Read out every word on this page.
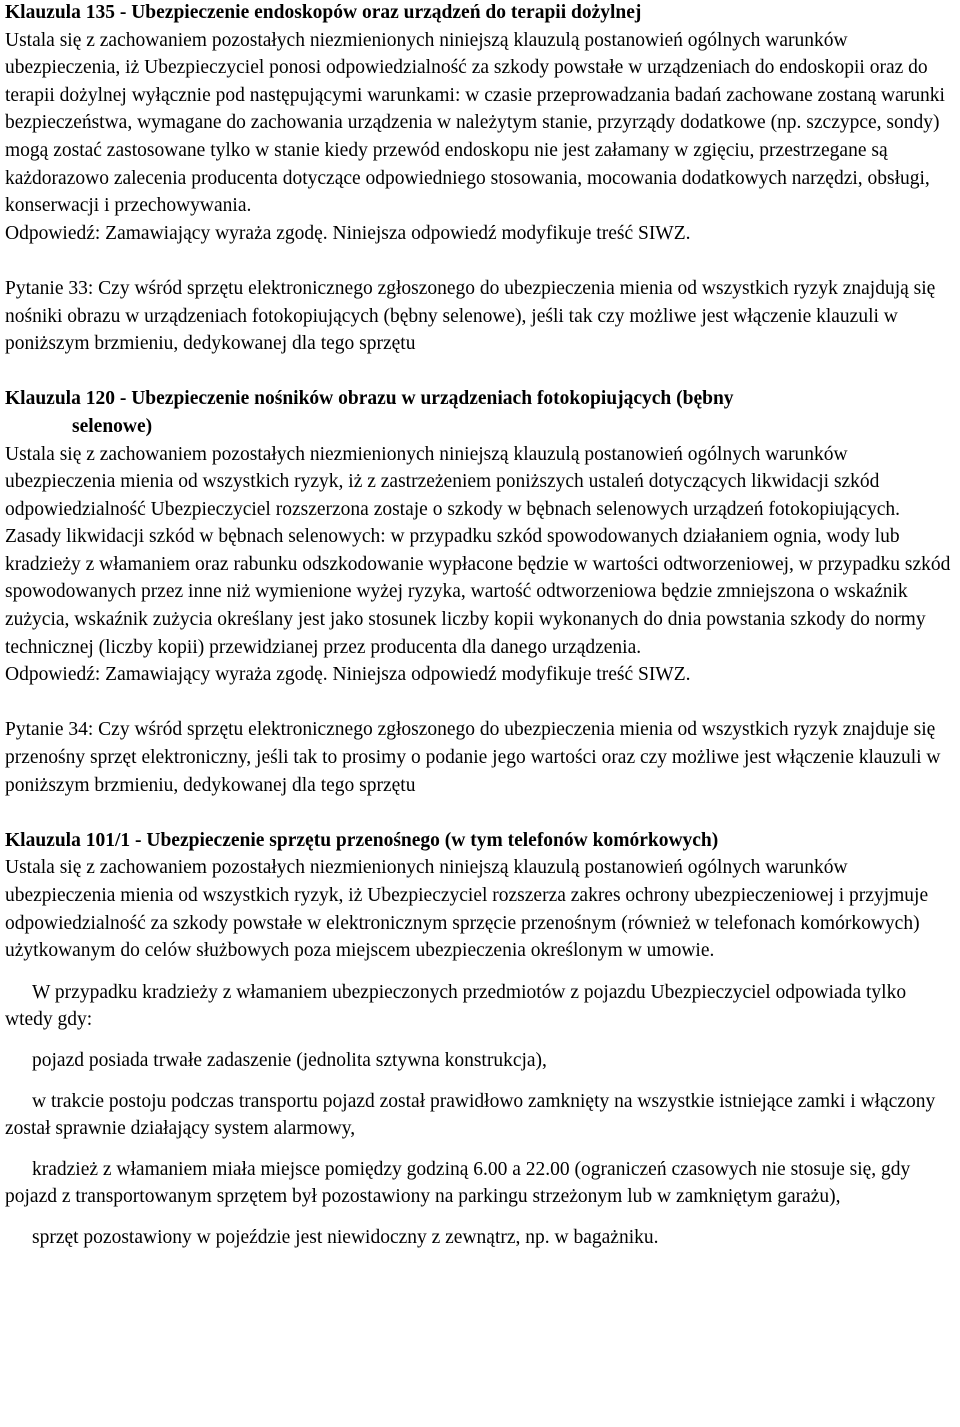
Klauzula 135 - Ubezpieczenie endoskopów oraz urządzeń do terapii dożylnej

Ustala się z zachowaniem pozostałych niezmienionych niniejszą klauzulą postanowień ogólnych warunków ubezpieczenia, iż Ubezpieczyciel ponosi odpowiedzialność za szkody powstałe w urządzeniach do endoskopii oraz do terapii dożylnej wyłącznie pod następującymi warunkami: w czasie przeprowadzania badań zachowane zostaną warunki bezpieczeństwa, wymagane do zachowania urządzenia w należytym stanie, przyrządy dodatkowe (np. szczypce, sondy) mogą zostać zastosowane tylko w stanie kiedy przewód endoskopu nie jest załamany w zgięciu, przestrzegane są każdorazowo zalecenia producenta dotyczące odpowiedniego stosowania, mocowania dodatkowych narzędzi, obsługi, konserwacji i przechowywania.

Odpowiedź: Zamawiający wyraża zgodę. Niniejsza odpowiedź modyfikuje treść SIWZ.

Pytanie 33: Czy wśród sprzętu elektronicznego zgłoszonego do ubezpieczenia mienia od wszystkich ryzyk znajdują się nośniki obrazu w urządzeniach fotokopiujących (bębny selenowe), jeśli tak czy możliwe jest włączenie klauzuli w poniższym brzmieniu, dedykowanej dla tego sprzętu

Klauzula 120 - Ubezpieczenie nośników obrazu w urządzeniach fotokopiujących (bębny
selenowe)

Ustala się z zachowaniem pozostałych niezmienionych niniejszą klauzulą postanowień ogólnych warunków ubezpieczenia mienia od wszystkich ryzyk, iż z zastrzeżeniem poniższych ustaleń dotyczących likwidacji szkód odpowiedzialność Ubezpieczyciel rozszerzona zostaje o szkody w bębnach selenowych urządzeń fotokopiujących. Zasady likwidacji szkód w bębnach selenowych: w przypadku szkód spowodowanych działaniem ognia, wody lub kradzieży z włamaniem oraz rabunku odszkodowanie wypłacone będzie w wartości odtworzeniowej, w przypadku szkód spowodowanych przez inne niż wymienione wyżej ryzyka, wartość odtworzeniowa będzie zmniejszona o wskaźnik zużycia, wskaźnik zużycia określany jest jako stosunek liczby kopii wykonanych do dnia powstania szkody do normy technicznej (liczby kopii) przewidzianej przez producenta dla danego urządzenia.

Odpowiedź: Zamawiający wyraża zgodę. Niniejsza odpowiedź modyfikuje treść SIWZ.

Pytanie 34: Czy wśród sprzętu elektronicznego zgłoszonego do ubezpieczenia mienia od wszystkich ryzyk znajduje się przenośny sprzęt elektroniczny, jeśli tak to prosimy o podanie jego wartości oraz czy możliwe jest włączenie klauzuli w poniższym brzmieniu, dedykowanej dla tego sprzętu

Klauzula 101/1 - Ubezpieczenie sprzętu przenośnego (w tym telefonów komórkowych)

Ustala się z zachowaniem pozostałych niezmienionych niniejszą klauzulą postanowień ogólnych warunków ubezpieczenia mienia od wszystkich ryzyk, iż Ubezpieczyciel rozszerza zakres ochrony ubezpieczeniowej i przyjmuje odpowiedzialność za szkody powstałe w elektronicznym sprzęcie przenośnym (również w telefonach komórkowych) użytkowanym do celów służbowych poza miejscem ubezpieczenia określonym w umowie.

W przypadku kradzieży z włamaniem ubezpieczonych przedmiotów z pojazdu Ubezpieczyciel odpowiada tylko wtedy gdy:

pojazd posiada trwałe zadaszenie (jednolita sztywna konstrukcja),

w trakcie postoju podczas transportu pojazd został prawidłowo zamknięty na wszystkie istniejące zamki i włączony został sprawnie działający system alarmowy,

kradzież z włamaniem miała miejsce pomiędzy godziną 6.00 a 22.00 (ograniczeń czasowych nie stosuje się, gdy pojazd z transportowanym sprzętem był pozostawiony na parkingu strzeżonym lub w zamkniętym garażu),

sprzęt pozostawiony w pojeździe jest niewidoczny z zewnątrz, np. w bagażniku.
